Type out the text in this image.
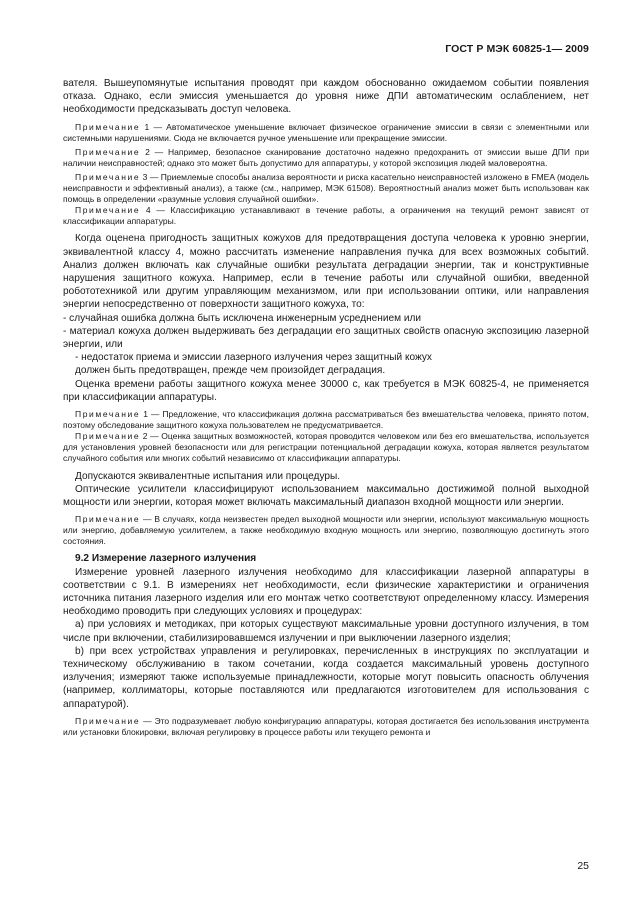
ГОСТ Р МЭК 60825-1— 2009

вателя. Вышеупомянутые испытания проводят при каждом обоснованно ожидаемом событии появления отказа. Однако, если эмиссия уменьшается до уровня ниже ДПИ автоматическим ослаблением, нет необходимости предсказывать доступ человека.

Примечание 1 — Автоматическое уменьшение включает физическое ограничение эмиссии в связи с элементными или системными нарушениями. Сюда не включается ручное уменьшение или прекращение эмиссии.

Примечание 2 — Например, безопасное сканирование достаточно надежно предохранить от эмиссии выше ДПИ при наличии неисправностей; однако это может быть допустимо для аппаратуры, у которой экспозиция людей маловероятна.

Примечание 3 — Приемлемые способы анализа вероятности и риска касательно неисправностей изложено в FMEA (модель неисправности и эффективный анализ), а также (см., например, МЭК 61508). Вероятностный анализ может быть использован как помощь в определении «разумные условия случайной ошибки».

Примечание 4 — Классификацию устанавливают в течение работы, а ограничения на текущий ремонт зависят от классификации аппаратуры.

Когда оценена пригодность защитных кожухов для предотвращения доступа человека к уровню энергии, эквивалентной классу 4, можно рассчитать изменение направления пучка для всех возможных событий. Анализ должен включать как случайные ошибки результата деградации энергии, так и конструктивные нарушения защитного кожуха. Например, если в течение работы или случайной ошибки, введенной робототехникой или другим управляющим механизмом, или при использовании оптики, или направления энергии непосредственно от поверхности защитного кожуха, то:

- случайная ошибка должна быть исключена инженерным усреднением или

- материал кожуха должен выдерживать без деградации его защитных свойств опасную экспозицию лазерной энергии, или

- недостаток приема и эмиссии лазерного излучения через защитный кожух

должен быть предотвращен, прежде чем произойдет деградация.

Оценка времени работы защитного кожуха менее 30000 с, как требуется в МЭК 60825-4, не применяется при классификации аппаратуры.

Примечание 1 — Предложение, что классификация должна рассматриваться без вмешательства человека, принято потом, поэтому обследование защитного кожуха пользователем не предусматривается.

Примечание 2 — Оценка защитных возможностей, которая проводится человеком или без его вмешательства, используется для установления уровней безопасности или для регистрации потенциальной деградации кожуха, которая является результатом случайного события или многих событий независимо от классификации аппаратуры.

Допускаются эквивалентные испытания или процедуры.

Оптические усилители классифицируют использованием максимально достижимой полной выходной мощности или энергии, которая может включать максимальный диапазон входной мощности или энергии.

Примечание — В случаях, когда неизвестен предел выходной мощности или энергии, используют максимальную мощность или энергию, добавляемую усилителем, а также необходимую входную мощность или энергию, позволяющую достигнуть этого состояния.

9.2 Измерение лазерного излучения

Измерение уровней лазерного излучения необходимо для классификации лазерной аппаратуры в соответствии с 9.1. В измерениях нет необходимости, если физические характеристики и ограничения источника питания лазерного изделия или его монтаж четко соответствуют определенному классу. Измерения необходимо проводить при следующих условиях и процедурах:

а) при условиях и методиках, при которых существуют максимальные уровни доступного излучения, в том числе при включении, стабилизировавшемся излучении и при выключении лазерного изделия;

b) при всех устройствах управления и регулировках, перечисленных в инструкциях по эксплуатации и техническому обслуживанию в таком сочетании, когда создается максимальный уровень доступного излучения; измеряют также используемые принадлежности, которые могут повысить опасность облучения (например, коллиматоры, которые поставляются или предлагаются изготовителем для использования с аппаратурой).

Примечание — Это подразумевает любую конфигурацию аппаратуры, которая достигается без использования инструмента или установки блокировки, включая регулировку в процессе работы или текущего ремонта и

25
